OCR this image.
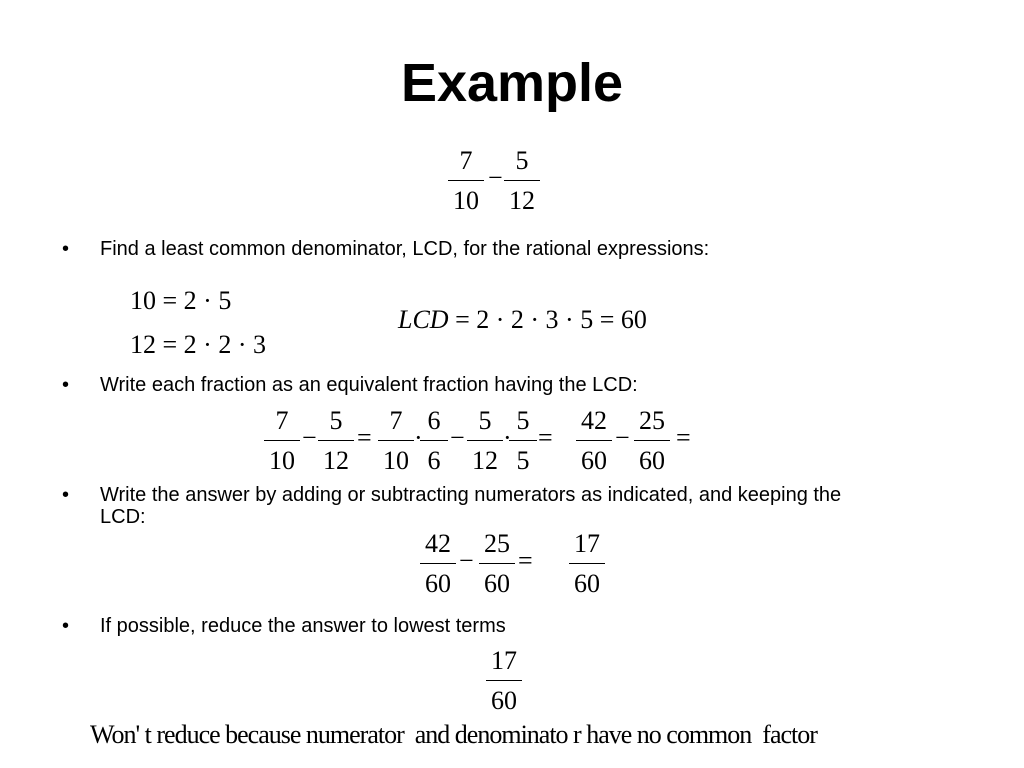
Example
7
10
−
5
12
• Find a least common denominator, LCD, for the rational expressions:
10 = 2 · 5
12 = 2 · 2 · 3
LCD = 2 · 2 · 3 · 5 = 60
• Write each fraction as an equivalent fraction having the LCD:
7
10
−
5
12
=
7
10
·
6
6
−
5
12
·
5
5
=
42
60
−
25
60
=
• Write the answer by adding or subtracting numerators as indicated, and keeping the
LCD:
42
60
−
25
60
=
17
60
• If possible, reduce the answer to lowest terms
17
60
Won' t reduce because numerator  and denominato r have no common  factor
